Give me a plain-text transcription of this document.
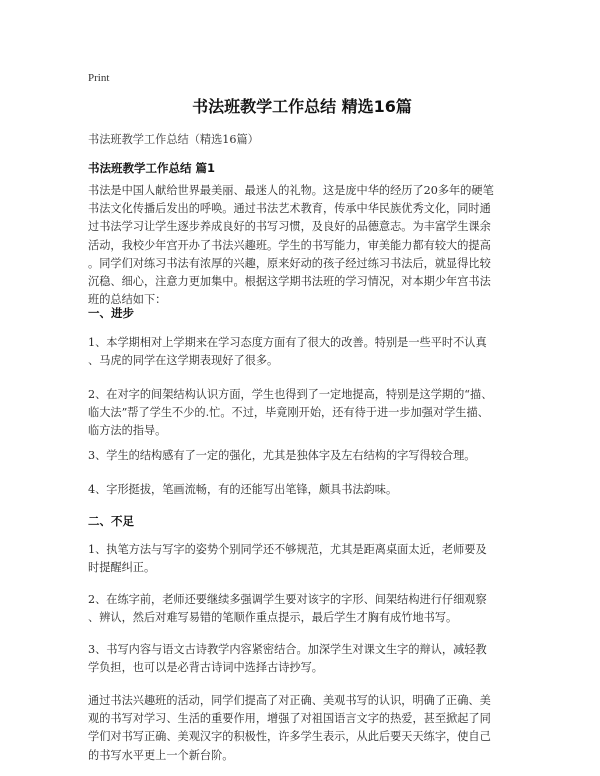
Print
书法班教学工作总结 精选16篇
书法班教学工作总结（精选16篇）
书法班教学工作总结 篇1
书法是中国人献给世界最美丽、最迷人的礼物。这是庞中华的经历了20多年的硬笔
书法文化传播后发出的呼唤。通过书法艺术教育，传承中华民族优秀文化，同时通
过书法学习让学生逐步养成良好的书写习惯，及良好的品德意志。为丰富学生课余
活动，我校少年宫开办了书法兴趣班。学生的书写能力，审美能力都有较大的提高
。同学们对练习书法有浓厚的兴趣，原来好动的孩子经过练习书法后，就显得比较
沉稳、细心，注意力更加集中。根据这学期书法班的学习情况，对本期少年宫书法
班的总结如下：
一、进步
1、本学期相对上学期来在学习态度方面有了很大的改善。特别是一些平时不认真
、马虎的同学在这学期表现好了很多。
2、在对字的间架结构认识方面，学生也得到了一定地提高，特别是这学期的“描、
临大法”帮了学生不少的.忙。不过，毕竟刚开始，还有待于进一步加强对学生描、
临方法的指导。
3、学生的结构感有了一定的强化，尤其是独体字及左右结构的字写得较合理。
4、字形挺拔，笔画流畅，有的还能写出笔锋，颇具书法韵味。
二、不足
1、执笔方法与写字的姿势个别同学还不够规范，尤其是距离桌面太近，老师要及
时提醒纠正。
2、在练字前，老师还要继续多强调学生要对该字的字形、间架结构进行仔细观察
、辨认，然后对难写易错的笔顺作重点提示，最后学生才胸有成竹地书写。
3、书写内容与语文古诗教学内容紧密结合。加深学生对课文生字的辩认，减轻教
学负担，也可以是必背古诗词中选择古诗抄写。
通过书法兴趣班的活动，同学们提高了对正确、美观书写的认识，明确了正确、美
观的书写对学习、生活的重要作用，增强了对祖国语言文字的热爱，甚至掀起了同
学们对书写正确、美观汉字的积极性，许多学生表示，从此后要天天练字，使自己
的书写水平更上一个新台阶。
